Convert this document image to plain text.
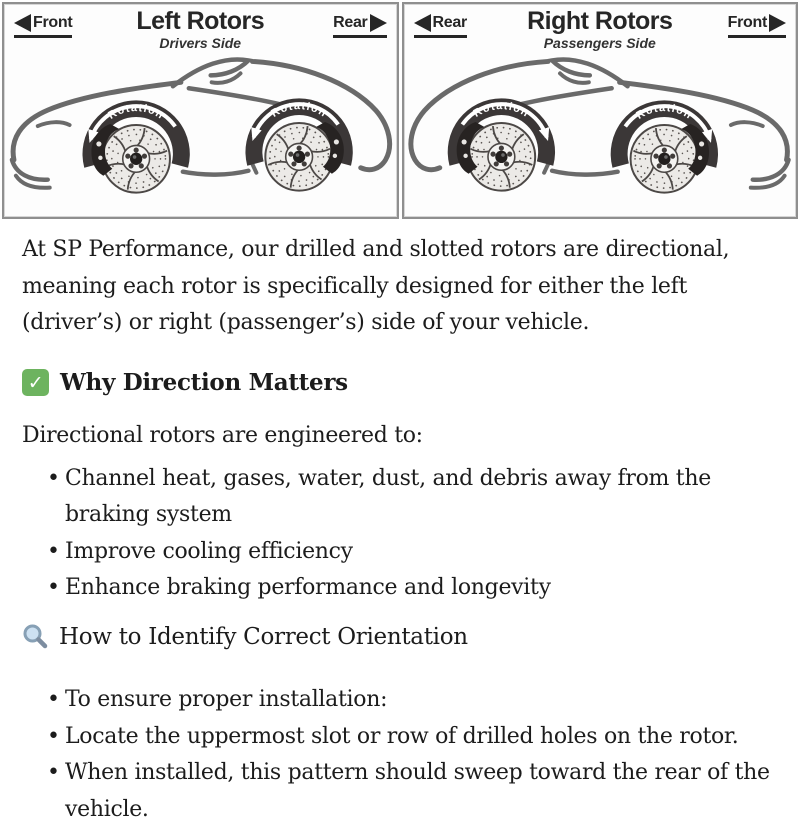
Front	Left Rotors
Drivers Side
Rear
Rotation	Rotation
Rear Right Rotors
Passengers Side
Front
Rotation
Rotation

At SP Performance, our drilled and slotted rotors are directional, meaning each rotor is specifically designed for either the left (driver’s) or right (passenger’s) side of your vehicle.

✓ Why Direction Matters

Directional rotors are engineered to:

• Channel heat, gases, water, dust, and debris away from the braking system
• Improve cooling efficiency
• Enhance braking performance and longevity
How to Identify Correct Orientation
• To ensure proper installation:
• Locate the uppermost slot or row of drilled holes on the rotor.
• When installed, this pattern should sweep toward the rear of the vehicle.
